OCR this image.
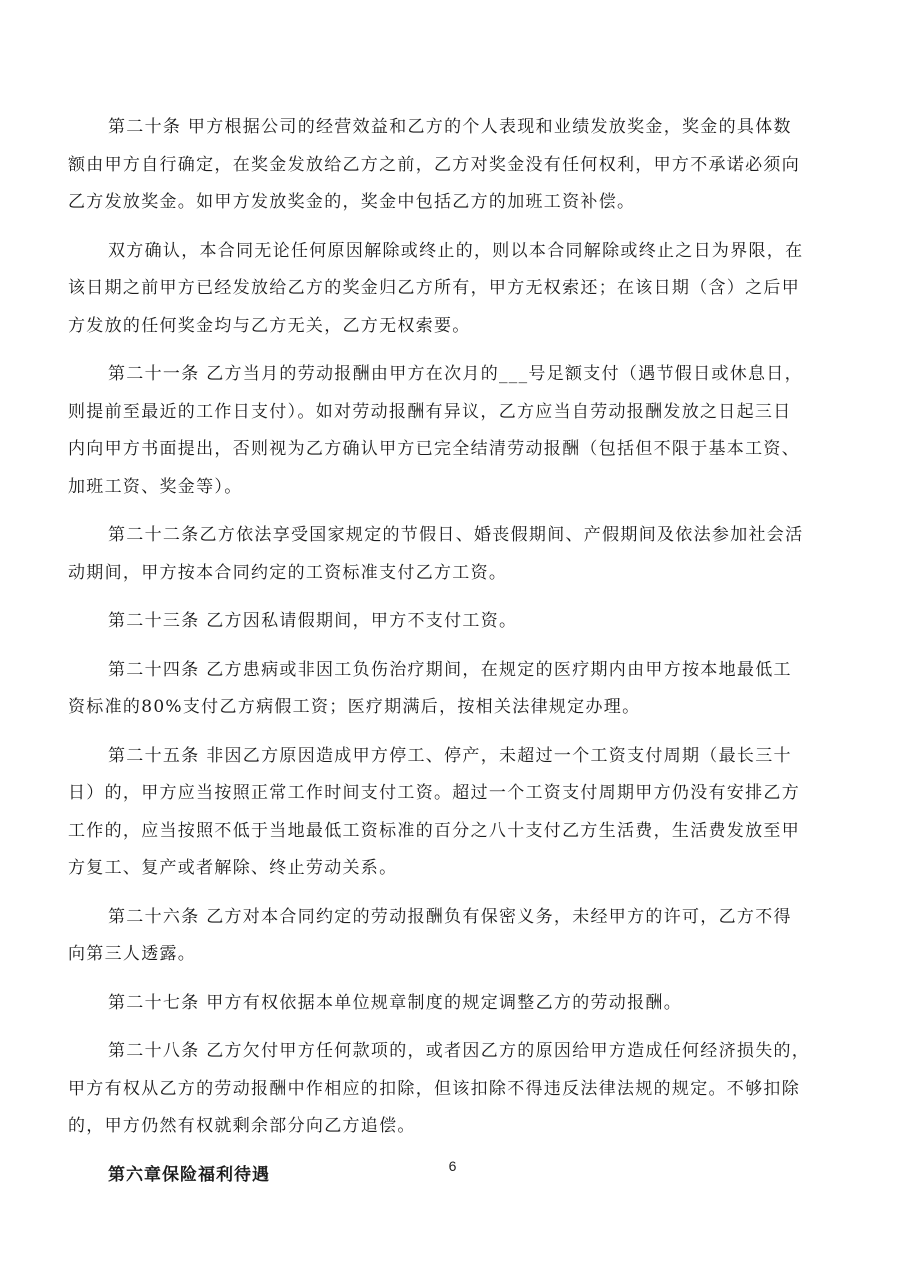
第二十条 甲方根据公司的经营效益和乙方的个人表现和业绩发放奖金，奖金的具体数
额由甲方自行确定，在奖金发放给乙方之前，乙方对奖金没有任何权利，甲方不承诺必须向
乙方发放奖金。如甲方发放奖金的，奖金中包括乙方的加班工资补偿。

双方确认，本合同无论任何原因解除或终止的，则以本合同解除或终止之日为界限，在
该日期之前甲方已经发放给乙方的奖金归乙方所有，甲方无权索还；在该日期（含）之后甲
方发放的任何奖金均与乙方无关，乙方无权索要。

第二十一条 乙方当月的劳动报酬由甲方在次月的___号足额支付（遇节假日或休息日，
则提前至最近的工作日支付）。如对劳动报酬有异议，乙方应当自劳动报酬发放之日起三日
内向甲方书面提出，否则视为乙方确认甲方已完全结清劳动报酬（包括但不限于基本工资、
加班工资、奖金等）。

第二十二条乙方依法享受国家规定的节假日、婚丧假期间、产假期间及依法参加社会活
动期间，甲方按本合同约定的工资标准支付乙方工资。

第二十三条 乙方因私请假期间，甲方不支付工资。

第二十四条 乙方患病或非因工负伤治疗期间，在规定的医疗期内由甲方按本地最低工
资标准的80%支付乙方病假工资；医疗期满后，按相关法律规定办理。

第二十五条 非因乙方原因造成甲方停工、停产，未超过一个工资支付周期（最长三十
日）的，甲方应当按照正常工作时间支付工资。超过一个工资支付周期甲方仍没有安排乙方
工作的，应当按照不低于当地最低工资标准的百分之八十支付乙方生活费，生活费发放至甲
方复工、复产或者解除、终止劳动关系。

第二十六条 乙方对本合同约定的劳动报酬负有保密义务，未经甲方的许可，乙方不得
向第三人透露。

第二十七条 甲方有权依据本单位规章制度的规定调整乙方的劳动报酬。

第二十八条 乙方欠付甲方任何款项的，或者因乙方的原因给甲方造成任何经济损失的，
甲方有权从乙方的劳动报酬中作相应的扣除，但该扣除不得违反法律法规的规定。不够扣除
的，甲方仍然有权就剩余部分向乙方追偿。

第六章保险福利待遇	6
